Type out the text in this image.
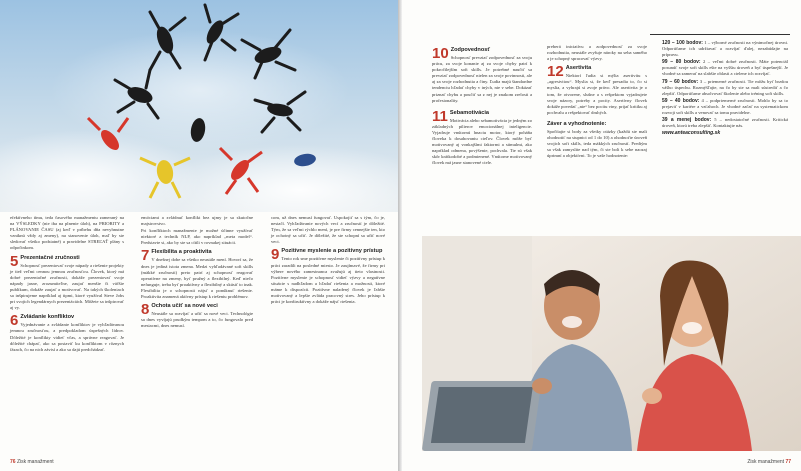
efektívneho tímu, teda časového manažmentu zameraný na na VÝSLEDKY (nie iba na plnenie úloh), na PRIORITY a PLÁNOVANIE ČASU (aj keď v príbehu dňa nevyhnutne vzniknú vždy aj zmeny), na stanovenie úloh, maľ by ste sledovať všetko podstatné) a pravidelne STREĽAŤ plány s odpočinkom.

5 Prezentačné zručnosti

Schopnosť prezentovať svoje nápady a riešenie projekty je tiež veľmi cennou jemnou zručnosťou. Človek, ktorý má dobré prezentačné zručnosti, dokáže prezentovať svoje nápady jasne, zrozumiteľne, zaujať menšie či väčšie publikum, dokáže zaujať a motivovať. Na takých školeniach sa inšpirujeme napríklad aj tipmi, ktoré využíval Steve Jobs pri svojich legendárnych prezentáciách. Môžete sa inšpirovať aj vy.

6 Zvládanie konfliktov

Vyjednávanie a zvládanie konfliktov je vyhľadávanou jemnou zručnosťou, a predpokladom úspešných lídrov. Dôležité je konflikty vidieť včas, a správne reagovať. Je dôležité chápať, ako sa postaviť ku konfliktom v rôznych fázach, čo na nich závisí a ako sa dajú predchádzať.

emóciami a zvládnuť konflikt bez ujmy je sa skutočne majstrovstvo.

Pri konfliktoch manažmente je možné účinne využívať niektoré z techník NLP, ako napríklad „meta model“. Predstavte si, ako by ste sa cítili v rovnakej situácii.

7 Flexibilita a proaktivita

V dnešnej dobe sa všetko neustále mení. Hovorí sa, že dnes je jediná istota zmena. Medzi vyhľadávané soft skills (mäkké zručnosti) preto patrí aj schopnosť reagovať operatívne na zmeny, byť pružný a flexibilný. Keď niečo nefunguje, treba byť proaktívny a flexibilný a skúsiť to inak. Flexibilita je o schopnosti nájsť a ponúknuť riešenie. Proaktivita znamená aktívny prístup k riešeniu problémov.

8 Ochota učiť sa nové veci

Neustále sa rozvíjať a učiť sa nové veci. Technológie sa dnes vyvíjajú prudkým tempom a to, čo fungovalo pred mesiacmi, dnes nemusí.

com, už dnes nemusí fungovať. Uspokojiť sa s tým, čo je, nestačí. Vyhľadávanie nových vecí a zručností je dôležité. Tým, že sa veľmi rýchlo mení, je pre firmy cennejšie ten, kto je ochotný sa učiť. Je dôležité, že ste schopní sa učiť nové veci.

9 Pozitívne myslenie a pozitívny prístup

Tento rok sme pozitívne myslenie či pozitívny prístup k práci zaradili na posledné miesto. Je zaujímavé, že firmy pri výbere nového zamestnanca zvažujú aj tieto vlastnosti. Pozitívne myslenie je schopnosť vidieť výzvy a negatívne situácie s nadhľadom a hľadať riešenia a možnosti, ktoré máme k dispozícii. Pozitívne naladený človek je ľahšie motivovaný a lepšie zvláda pracovný stres. Jeho prístup k práci je konštruktívny a dokáže nájsť riešenia.

76 Zisk manažment
10 Zodpovednosť

Schopnosť prevziať zodpovednosť za svoju prácu, za svoje konanie aj za svoje chyby patrí k pokročilejším soft skills. Je potrebné naučiť sa prevziať zodpovednosť nielen za svoje povinnosti, ale aj za svoje rozhodnutia a činy. Ľudia majú štandardne tendenciu hľadať chyby v iných, nie v sebe. Dokázať priznať chybu a poučiť sa z nej je znakom zrelosti a profesionality.

11 Sebamotivácia

Motivácia alebo sebamotivácia je jedným zo základných pilierov emocionálnej inteligencie. Vyjadruje vnútornú hnaciu motor, ktorý poháňa človeka k dosahovaniu cieľov. Človek môže byť motivovaný aj vonkajšími faktormi a stimulmi, ako napríklad odmena, povýšenie, pochvala. Tie sú však skôr krátkodobé a podmienené. Vnútorne motivovaný človek má jasne stanovené ciele.

preberá iniciatívu a zodpovednosť za svoje rozhodnutia, neustále zvyšuje nároky na seba samého a je schopný spracovať výzvy.

12 Asertivita

Niektorí ľudia si mýlia asertivitu s „agresivitou“. Myslia si, že keď presadia to, čo si myslia, a vyhrajú si zvoje právo. Ale asertivita je o tom, že otvorene, slušne a s rešpektom vyjadrujete svoje názory, potreby a pocity. Asertívny človek dokáže povedať „nie“ bez pocitu viny, prijať kritiku aj pochvalu a rešpektovať druhých.

Záver a vyhodnotenie:

Spočítajte si body za všetky otázky (každú ste mali ohodnotiť na stupnici od 1 do 10) a ohodnoťte úroveň svojich soft skills, teda mäkkých zručností. Predtým sa však zamyslite nad tým, či ste boli k sebe naozaj úprimní a objektívni. To je vaše hodnotenie:

120 – 100 bodov: 1 – výborné zručnosti na výnimočnej úrovni. Odporúčame ich udržiavať a rozvíjať ďalej, nezabúdajte na prípravu.

99 – 80 bodov: 2 – veľmi dobré zručnosti. Máte potenciál posunúť svoje soft skills ešte na vyššiu úroveň a byť úspešnejší. Je vhodné sa zamerať na slabšie oblasti a cielene ich rozvíjať.

79 – 60 bodov: 3 – priemerné zručnosti. Tie môžu byť brzdou vášho úspechu. Rozmýšľajte, na čo by ste sa mali sústrediť a čo zlepšiť. Odporúčame absolvovať školenie alebo tréning soft skills.

59 – 40 bodov: 4 – podpriemerné zručnosti. Mohlo by sa to prejaviť v kariére a vzťahoch. Je vhodné začať na systematickom rozvoji soft skills a venovať sa tomu pravidelne.

39 a menej bodov: 5 – nedostatočné zručnosti. Kritická úroveň, ktorú treba zlepšiť. Kontaktujte nás.

www.anteaconsulting.sk

Zisk manažment 77
